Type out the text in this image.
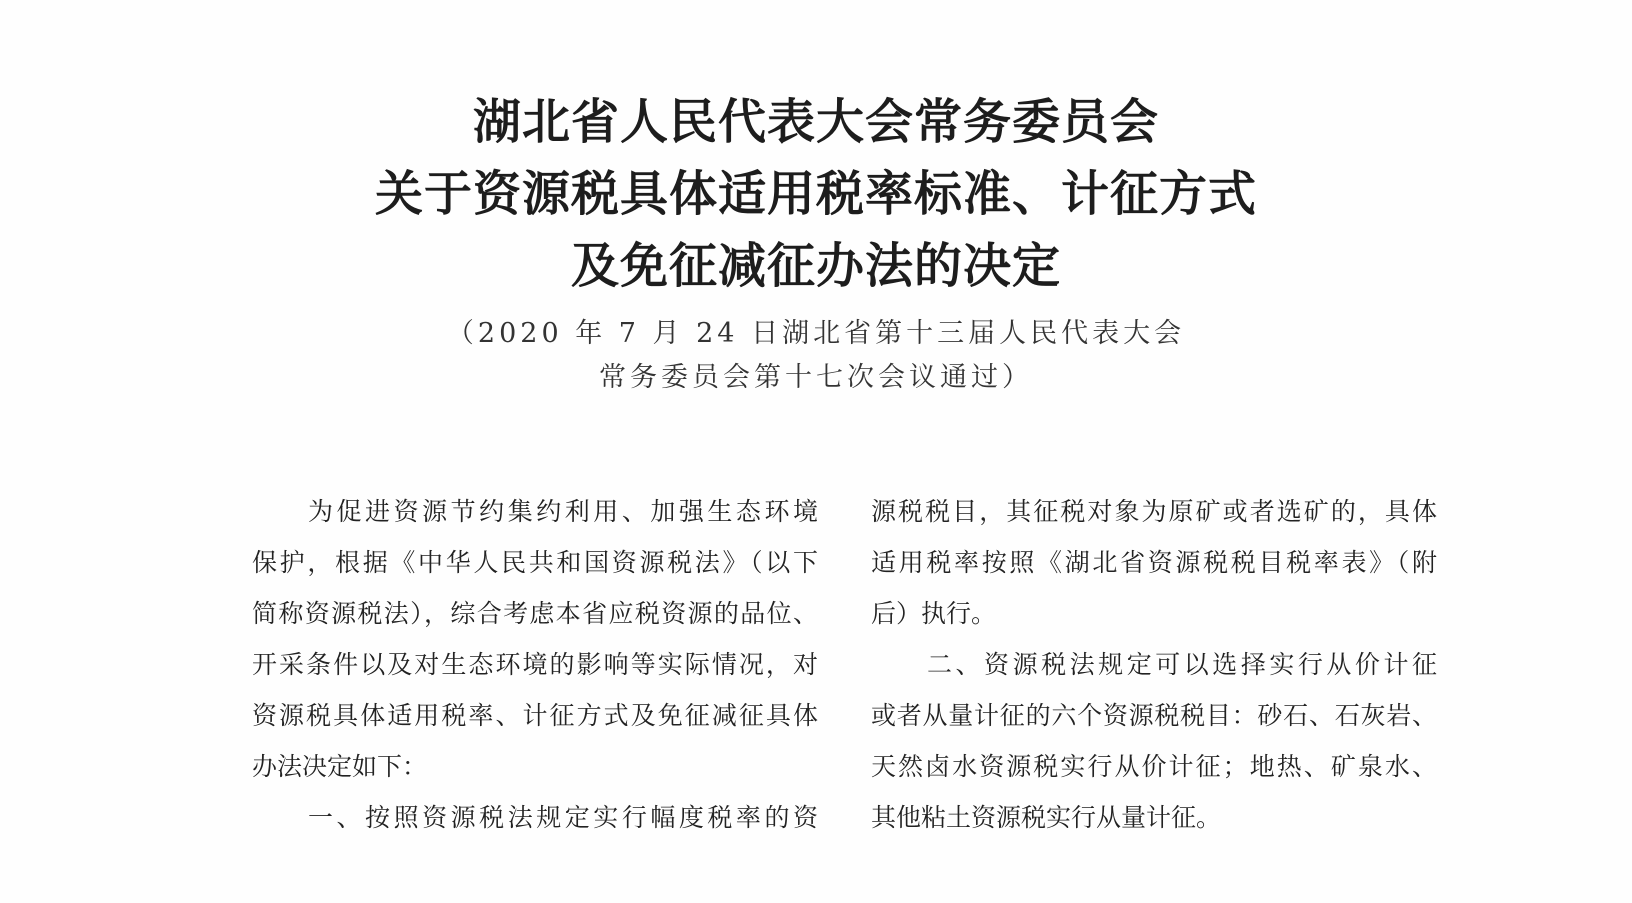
湖北省人民代表大会常务委员会
关于资源税具体适用税率标准、计征方式
及免征减征办法的决定
（2020 年 7 月 24 日湖北省第十三届人民代表大会
常务委员会第十七次会议通过）
为促进资源节约集约利用、加强生态环境
保护，根据《中华人民共和国资源税法》（以下
简称资源税法），综合考虑本省应税资源的品位、
开采条件以及对生态环境的影响等实际情况，对
资源税具体适用税率、计征方式及免征减征具体
办法决定如下：
一、按照资源税法规定实行幅度税率的资
源税税目，其征税对象为原矿或者选矿的，具体
适用税率按照《湖北省资源税税目税率表》（附
后）执行。
二、资源税法规定可以选择实行从价计征
或者从量计征的六个资源税税目：砂石、石灰岩、
天然卤水资源税实行从价计征；地热、矿泉水、
其他粘土资源税实行从量计征。
